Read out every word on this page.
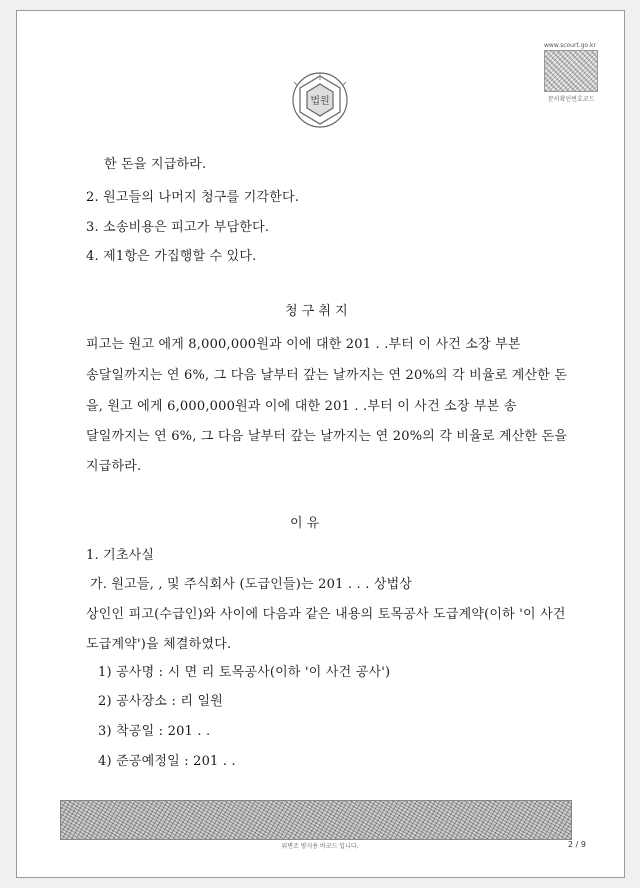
법원
www.scourt.go.kr
문서확인번호코드
한 돈을 지급하라.
2. 원고들의 나머지 청구를 기각한다.
3. 소송비용은 피고가 부담한다.
4. 제1항은 가집행할 수 있다.
청 구 취 지
피고는 원고 에게 8,000,000원과 이에 대한 201 . .부터 이 사건 소장 부본
송달일까지는 연 6%, 그 다음 날부터 갚는 날까지는 연 20%의 각 비율로 계산한 돈
을, 원고 에게 6,000,000원과 이에 대한 201 . .부터 이 사건 소장 부본 송
달일까지는 연 6%, 그 다음 날부터 갚는 날까지는 연 20%의 각 비율로 계산한 돈을
지급하라.
이 유
1. 기초사실
가. 원고들, , 및 주식회사 (도급인들)는 201 . . . 상법상
상인인 피고(수급인)와 사이에 다음과 같은 내용의 토목공사 도급계약(이하 '이 사건
도급계약')을 체결하였다.
1) 공사명 : 시 면 리 토목공사(이하 '이 사건 공사')
2) 공사장소 : 리 일원
3) 착공일 : 201 . .
4) 준공예정일 : 201 . .
위변조 방지용 바코드 입니다.	2 / 9
